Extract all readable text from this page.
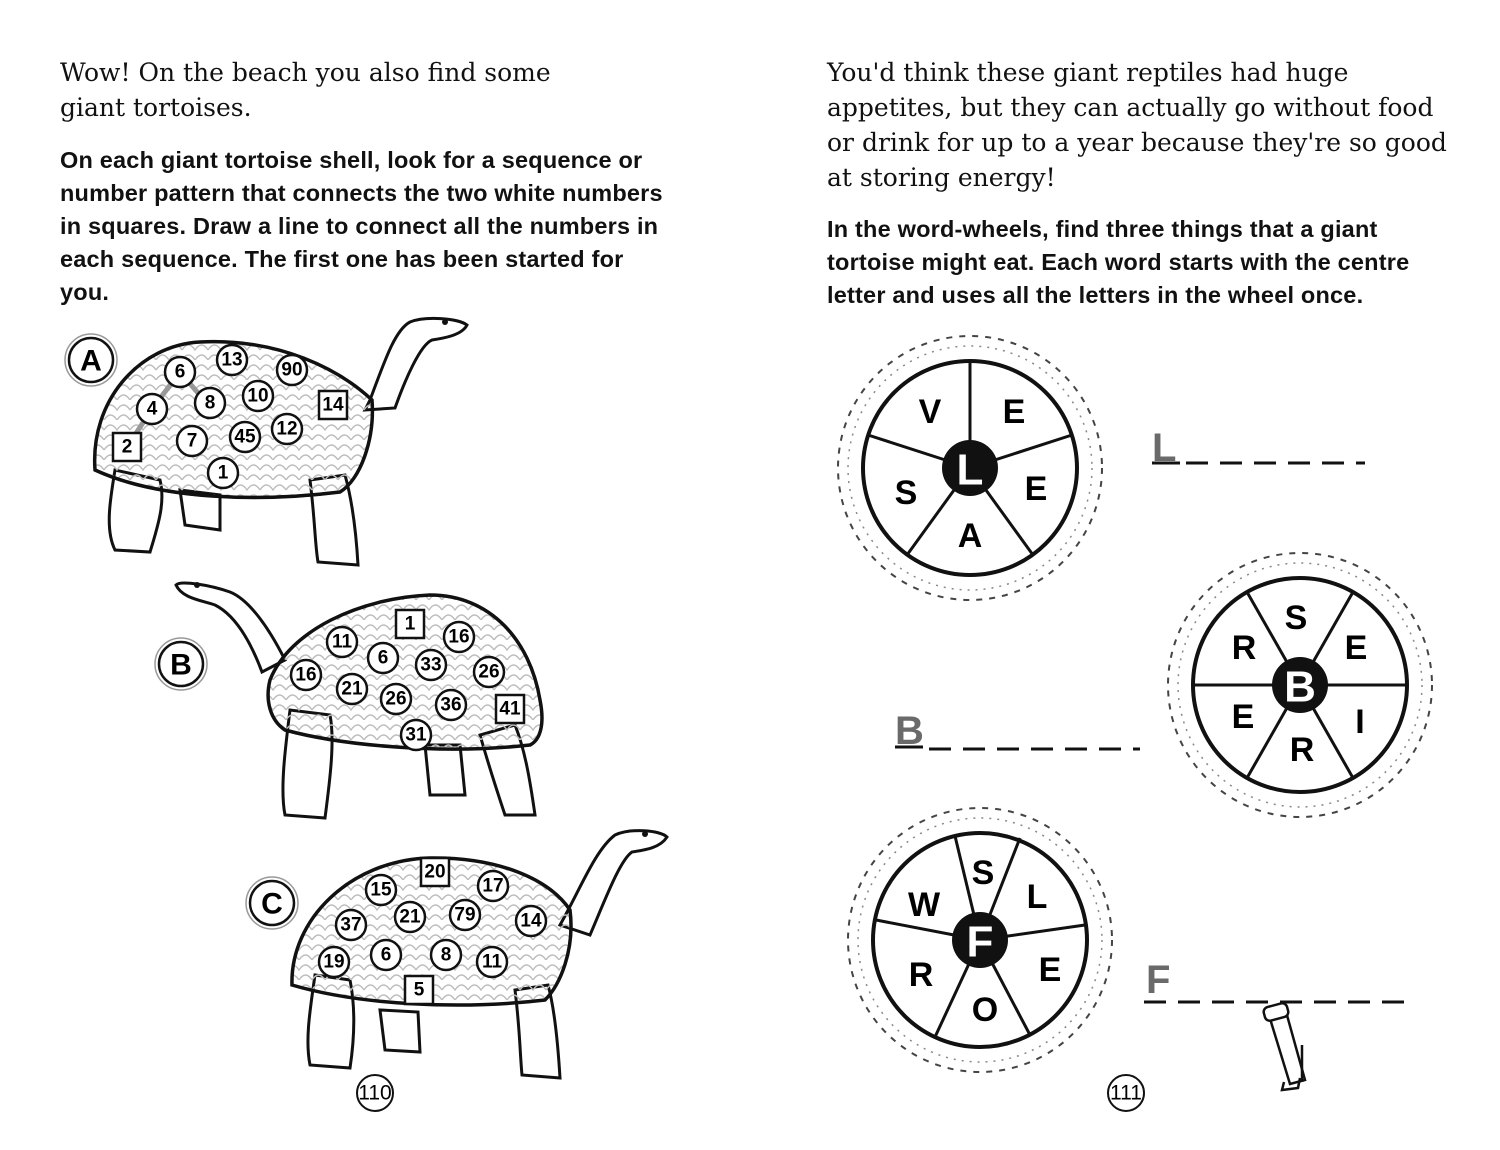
Wow! On the beach you also find some giant tortoises.

On each giant tortoise shell, look for a sequence or number pattern that connects the two white numbers in squares. Draw a line to connect all the numbers in each sequence. The first one has been started for you.

You'd think these giant reptiles had huge appetites, but they can actually go without food or drink for up to a year because they're so good at storing energy!

In the word-wheels, find three things that a giant tortoise might eat. Each word starts with the centre letter and uses all the letters in the wheel once.

13 90
6
4 8 10
45 12
7
1
14
2
A
11	16
6 33
16
21 26
26
36
31
1
41
B
15	17
21 79
37	14
6	8
19	11
20
5
C
110
L
E
E
A
S
V
L
B
S
E
I
R
E
R
B
F
S
L
E
O
R
W
F
111
